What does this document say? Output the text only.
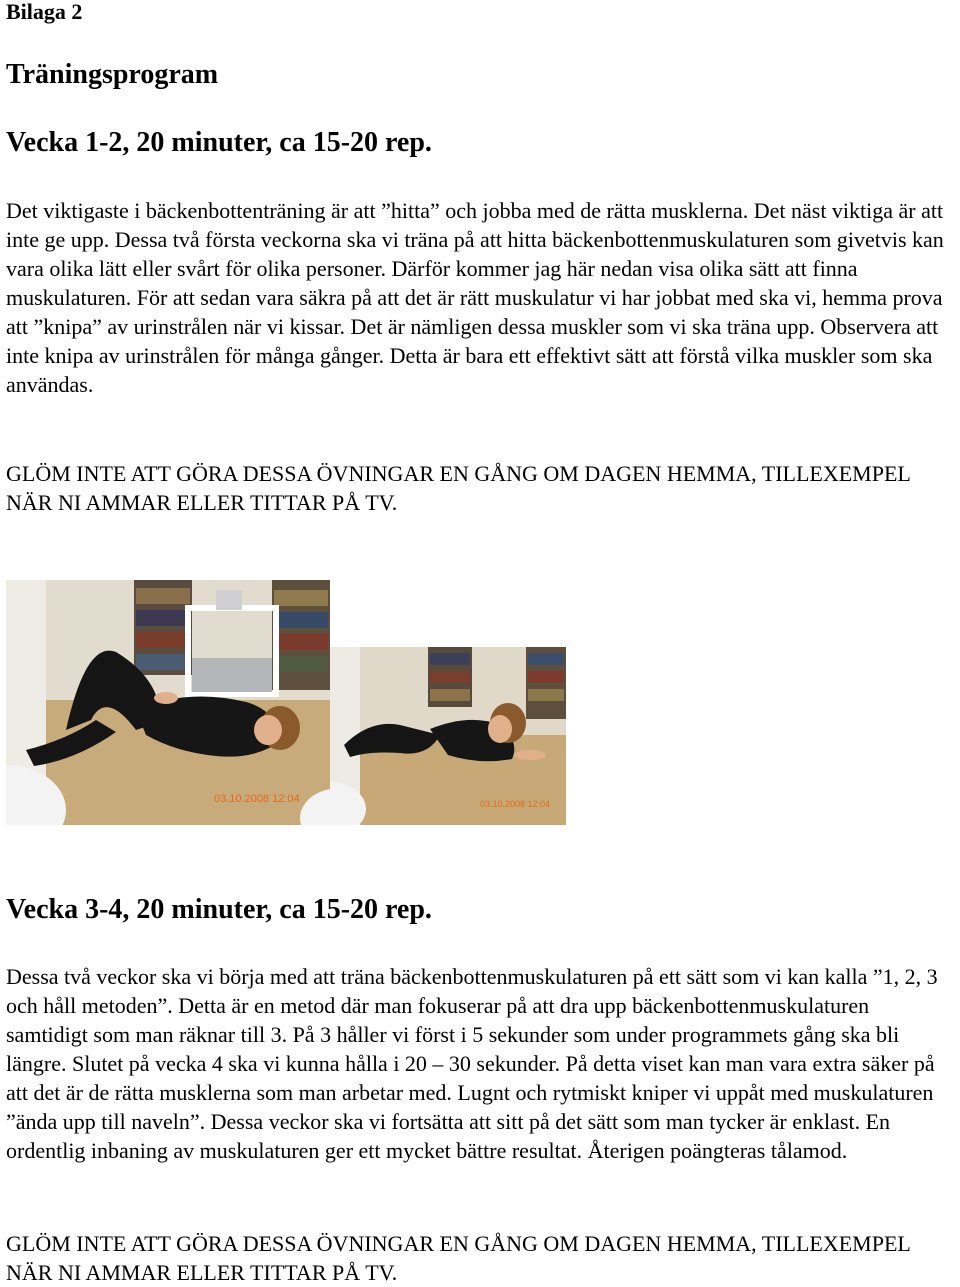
Bilaga 2
Träningsprogram
Vecka 1-2, 20 minuter, ca 15-20 rep.
Det viktigaste i bäckenbottenträning är att ”hitta” och jobba med de rätta musklerna. Det näst viktiga är att inte ge upp. Dessa två första veckorna ska vi träna på att hitta bäckenbottenmuskulaturen som givetvis kan vara olika lätt eller svårt för olika personer. Därför kommer jag här nedan visa olika sätt att finna muskulaturen. För att sedan vara säkra på att det är rätt muskulatur vi har jobbat med ska vi, hemma prova att ”knipa” av urinstrålen när vi kissar. Det är nämligen dessa muskler som vi ska träna upp. Observera att inte knipa av urinstrålen för många gånger. Detta är bara ett effektivt sätt att förstå vilka muskler som ska användas.
GLÖM INTE ATT GÖRA DESSA ÖVNINGAR EN GÅNG OM DAGEN HEMMA, TILLEXEMPEL NÄR NI AMMAR ELLER TITTAR PÅ TV.
03.10.2008 12:04	03.10.2008 12:04
Vecka 3-4, 20 minuter, ca 15-20 rep.
Dessa två veckor ska vi börja med att träna bäckenbottenmuskulaturen på ett sätt som vi kan kalla ”1, 2, 3 och håll metoden”. Detta är en metod där man fokuserar på att dra upp bäckenbottenmuskulaturen samtidigt som man räknar till 3. På 3 håller vi först i 5 sekunder som under programmets gång ska bli längre. Slutet på vecka 4 ska vi kunna hålla i 20 – 30 sekunder. På detta viset kan man vara extra säker på att det är de rätta musklerna som man arbetar med. Lugnt och rytmiskt kniper vi uppåt med muskulaturen ”ända upp till naveln”. Dessa veckor ska vi fortsätta att sitt på det sätt som man tycker är enklast. En ordentlig inbaning av muskulaturen ger ett mycket bättre resultat. Återigen poängteras tålamod.
GLÖM INTE ATT GÖRA DESSA ÖVNINGAR EN GÅNG OM DAGEN HEMMA, TILLEXEMPEL NÄR NI AMMAR ELLER TITTAR PÅ TV.
